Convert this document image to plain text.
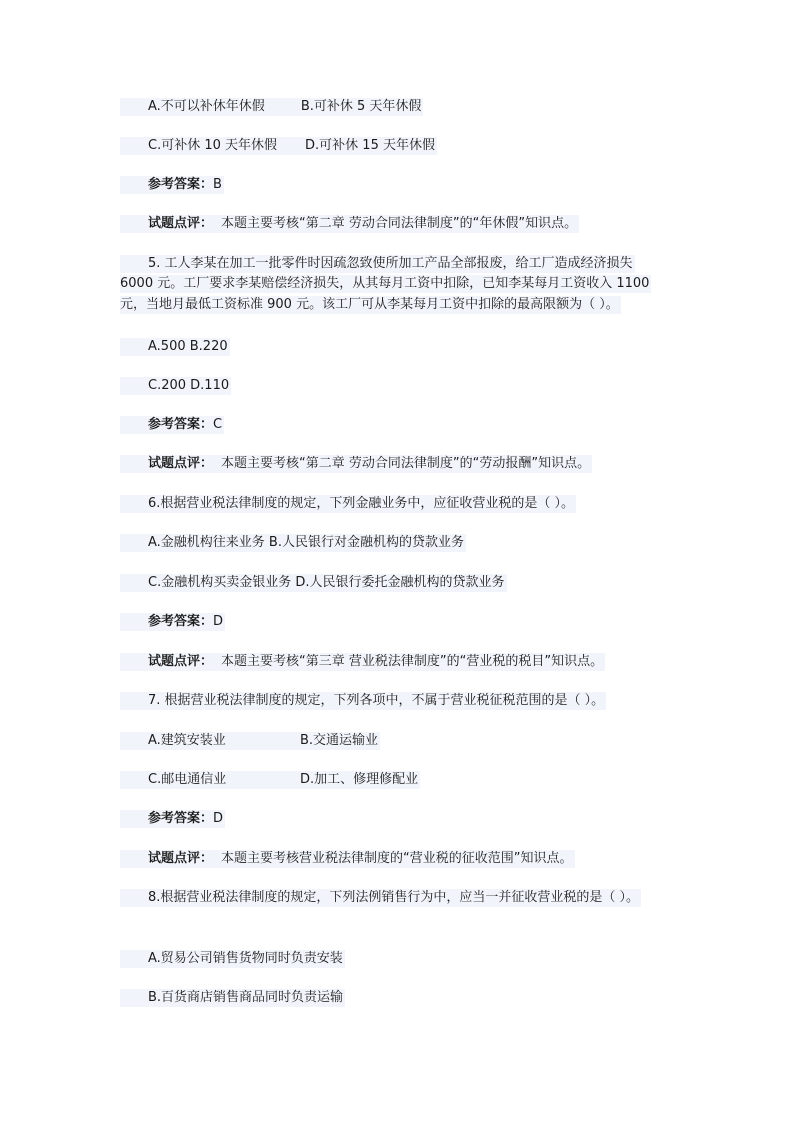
A.不可以补休年休假	B.可补休 5 天年休假
C.可补休 10 天年休假 D.可补休 15 天年休假
参考答案：B
试题点评： 本题主要考核“第二章 劳动合同法律制度”的“年休假”知识点。
5. 工人李某在加工一批零件时因疏忽致使所加工产品全部报废，给工厂造成经济损失
6000 元。工厂要求李某赔偿经济损失，从其每月工资中扣除，已知李某每月工资收入 1100
元，当地月最低工资标准 900 元。该工厂可从李某每月工资中扣除的最高限额为（ ）。
A.500 B.220
C.200 D.110
参考答案：C
试题点评： 本题主要考核“第二章 劳动合同法律制度”的“劳动报酬”知识点。
6.根据营业税法律制度的规定，下列金融业务中，应征收营业税的是（ ）。
A.金融机构往来业务 B.人民银行对金融机构的贷款业务
C.金融机构买卖金银业务 D.人民银行委托金融机构的贷款业务
参考答案：D
试题点评： 本题主要考核“第三章 营业税法律制度”的“营业税的税目”知识点。
7. 根据营业税法律制度的规定，下列各项中，不属于营业税征税范围的是（ ）。
A.建筑安装业	B.交通运输业
C.邮电通信业	D.加工、修理修配业
参考答案：D
试题点评： 本题主要考核营业税法律制度的“营业税的征收范围”知识点。
8.根据营业税法律制度的规定，下列法例销售行为中，应当一并征收营业税的是（ ）。
A.贸易公司销售货物同时负责安装
B.百货商店销售商品同时负责运输
